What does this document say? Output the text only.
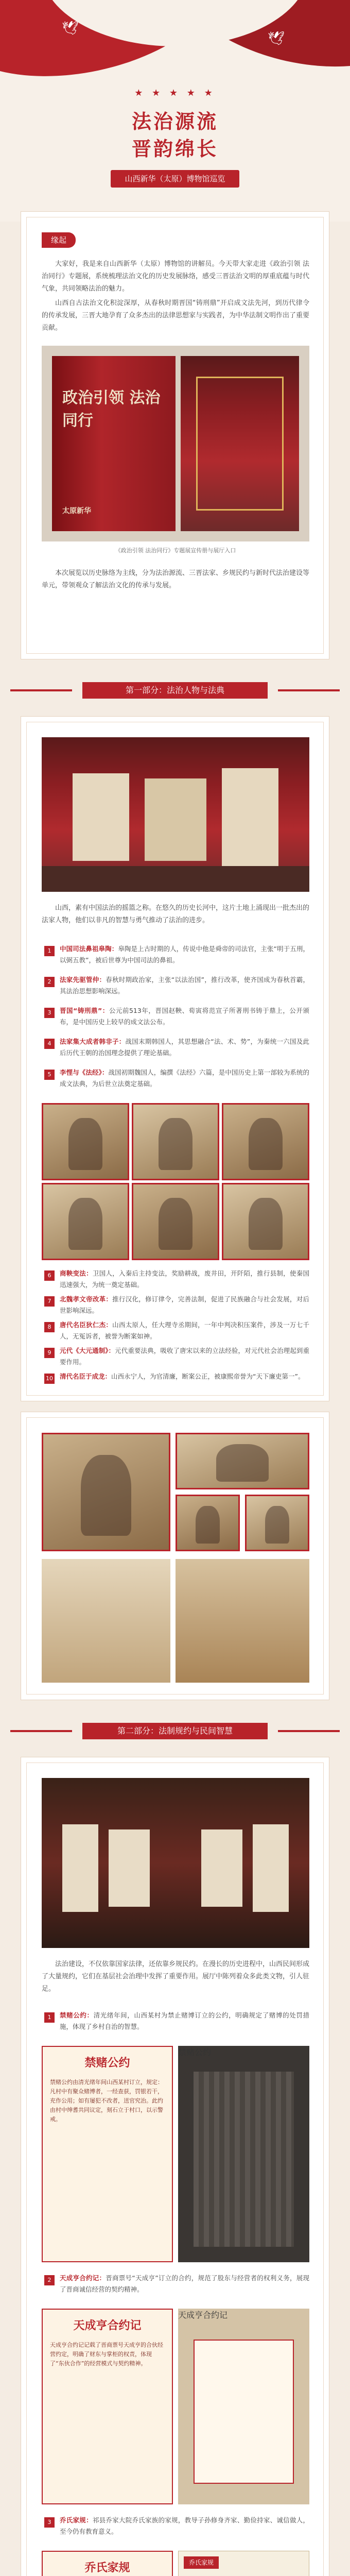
🕊
🕊
★ ★ ★ ★ ★
法治源流
晋韵绵长
山西新华（太原）博物馆巡览
缘起

大家好，我是来自山西新华（太原）博物馆的讲解员。今天带大家走进《政治引领 法治同行》专题展，系统梳理法治文化的历史发展脉络，感受三晋法治文明的厚重底蕴与时代气象，共同领略法治的魅力。

山西自古法治文化积淀深厚，从春秋时期晋国“铸刑鼎”开启成文法先河，到历代律令的传承发展，三晋大地孕育了众多杰出的法律思想家与实践者，为中华法制文明作出了重要贡献。

政治引领 法治同行
太原新华
《政治引领 法治同行》专题展宣传册与展厅入口

本次展览以历史脉络为主线，分为法治源流、三晋法家、乡规民约与新时代法治建设等单元，带领观众了解法治文化的传承与发展。

第一部分：法治人物与法典

山西，素有中国法治的摇篮之称。在悠久的历史长河中，这片土地上涌现出一批杰出的法家人物，他们以非凡的智慧与勇气推动了法治的进步。

1	中国司法鼻祖皋陶：皋陶是上古时期的人，传说中他是舜帝的司法官，主张“明于五刑，以弼五教”，被后世尊为中国司法的鼻祖。
2	法家先驱管仲：春秋时期政治家，主张“以法治国”，推行改革，使齐国成为春秋首霸，其法治思想影响深远。
3	晋国“铸刑鼎”：公元前513年，晋国赵鞅、荀寅将范宣子所著刑书铸于鼎上，公开颁布，是中国历史上较早的成文法公布。
4	法家集大成者韩非子：战国末期韩国人，其思想融合“法、术、势”，为秦统一六国及此后历代王朝的治国理念提供了理论基础。
5	李悝与《法经》：战国初期魏国人，编撰《法经》六篇，是中国历史上第一部较为系统的成文法典，为后世立法奠定基础。
6	商鞅变法：卫国人，入秦后主持变法，奖励耕战，废井田，开阡陌，推行县制，使秦国迅速强大，为统一奠定基础。
7	北魏孝文帝改革：推行汉化，修订律令，完善法制，促进了民族融合与社会发展，对后世影响深远。
8	唐代名臣狄仁杰：山西太原人，任大理寺丞期间，一年中判决积压案件，涉及一万七千人，无冤诉者，被誉为断案如神。
9	元代《大元通制》：元代重要法典，吸收了唐宋以来的立法经验，对元代社会治理起到重要作用。
10 清代名臣于成龙：山西永宁人，为官清廉，断案公正，被康熙帝誉为“天下廉吏第一”。
第二部分：法制规约与民间智慧

法治建设，不仅依靠国家法律，还依靠乡规民约。在漫长的历史进程中，山西民间形成了大量规约，它们在基层社会治理中发挥了重要作用。展厅中陈列着众多此类文物，引人驻足。

1	禁赌公约：清光绪年间，山西某村为禁止赌博订立的公约，明确规定了赌博的处罚措施，体现了乡村自治的智慧。
禁赌公约
禁赌公约由清光绪年间山西某村订立，规定：凡村中有聚众赌博者，一经查获，罚银若干，充作公用；如有屡犯不改者，送官究治。此约由村中绅耆共同议定，刻石立于村口，以示警戒。
禁赌公约
2	天成亨合约记：晋商票号“天成亨”订立的合约，规范了股东与经营者的权利义务，展现了晋商诚信经营的契约精神。
天成亨合约记
天成亨合约记记载了晋商票号天成亨的合伙经营约定，明确了财东与掌柜的权责，体现了“东伙合作”的经营模式与契约精神。
天成亨合约记
3	乔氏家规：祁县乔家大院乔氏家族的家规，教导子孙修身齐家、勤俭持家、诚信做人，至今仍有教育意义。
乔氏家规	乔氏家规
